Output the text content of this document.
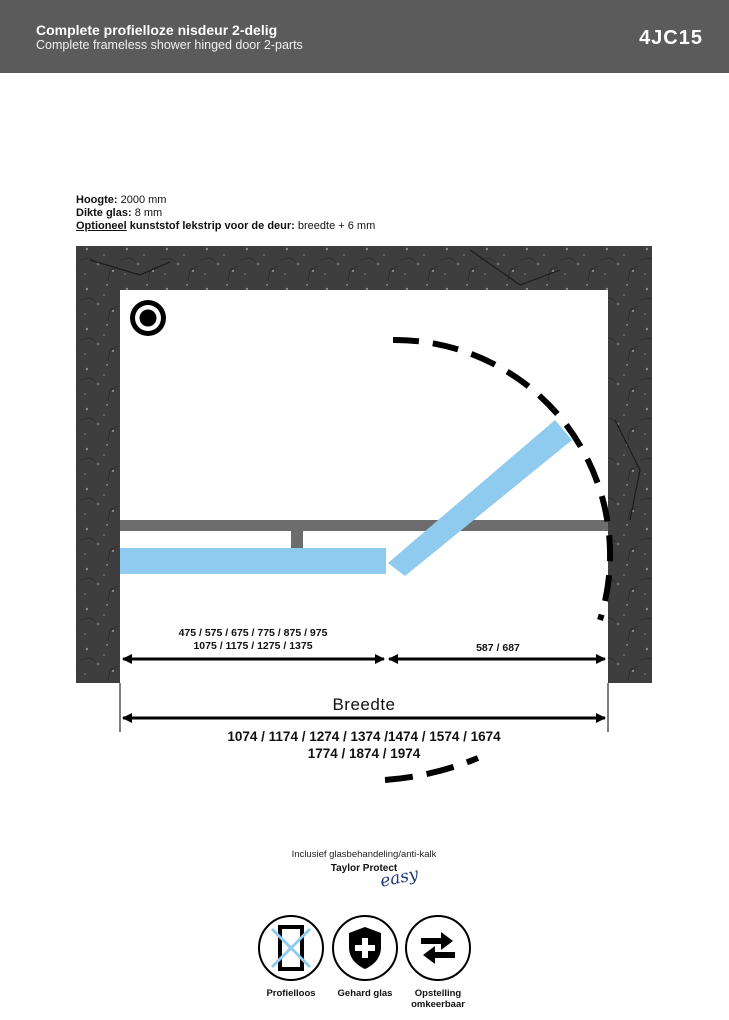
Complete profielloze nisdeur 2-delig
Complete frameless shower hinged door 2-parts	4JC15
Hoogte: 2000 mm
Dikte glas: 8 mm
Optioneel kunststof lekstrip voor de deur: breedte + 6 mm
475 / 575 / 675 / 775 / 875 / 975
1075 / 1175 / 1275 / 1375	587 / 687
Breedte
1074 / 1174 / 1274 / 1374 /1474 / 1574 / 1674
1774 / 1874 / 1974
Inclusief glasbehandeling/anti-kalk
Taylor Protect
easy
Profielloos	Gehard glas	Opstelling omkeerbaar
